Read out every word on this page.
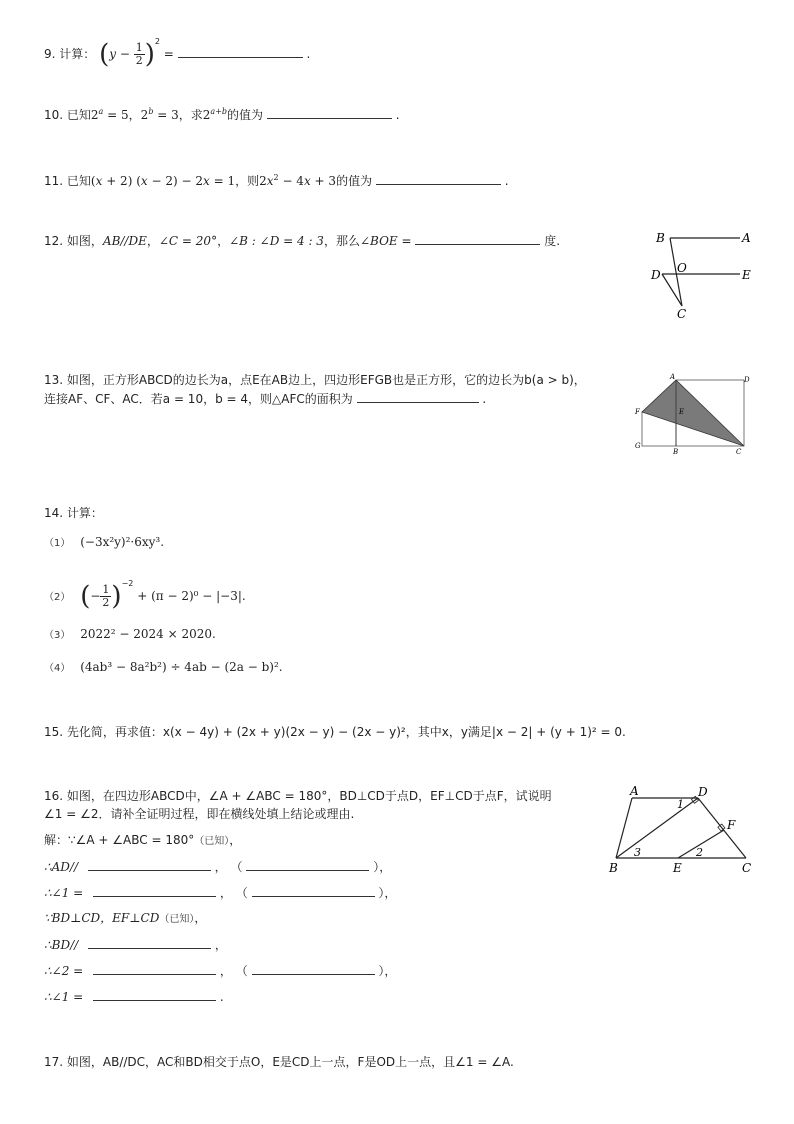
9. 计算： $(y - \frac{1}{2} )^2$ =	.
10. 已知$2^a = 5$，$2^b = 3$，求$2^{a+b}$的值为	.
11. 已知(x + 2) (x − 2) − 2x = 1，则$2x^2 - 4x + 3$的值为	.
12. 如图，AB//DE，∠C = 20°，∠B : ∠D = 4 : 3，那么∠BOE =	度.	B	A
O
D	E
C
13. 如图，正方形ABCD的边长为a，点E在AB边上，四边形EFGB也是正方形，它的边长为b(a > b)，
连接AF、CF、AC．若a = 10，b = 4，则△AFC的面积为	.
A	D
F	E
G
B	C
14. 计算：
（1） (−3x²y)²·6xy³.
（2） (− $\frac{1}{2} )^{-2} + (\pi - 2)^0 - |-3|$.
（3） 2022² − 2024 × 2020.
（4） (4ab³ − 8a²b²) ÷ 4ab − (2a − b)².
15. 先化简，再求值：x(x − 4y) + (2x + y)(2x − y) − (2x − y)²，其中x，y满足|x − 2| + (y + 1)² = 0.
16. 如图，在四边形ABCD中，∠A + ∠ABC = 180°，BD⊥CD于点D，EF⊥CD于点F，试说明
∠1 = ∠2．请补全证明过程，即在横线处填上结论或理由.
解：∵∠A + ∠ABC = 180°（已知），
∴AD//	， （	），
∴∠1 =	， （	），
∵BD⊥CD，EF⊥CD（已知），
∴BD//	，
∴∠2 =	， （	），
∴∠1 =	.
A	D
1
F
3	2
B	E	C
17. 如图，AB//DC，AC和BD相交于点O，E是CD上一点，F是OD上一点，且∠1 = ∠A.
